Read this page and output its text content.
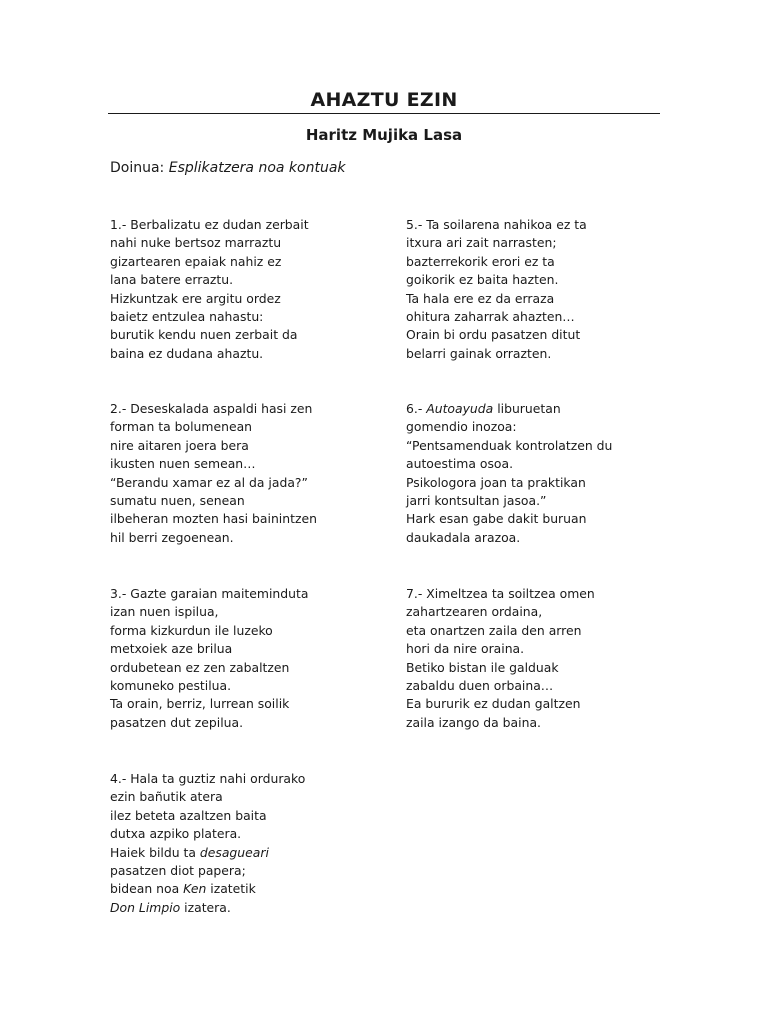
AHAZTU EZIN
Haritz Mujika Lasa

Doinua: Esplikatzera noa kontuak

1.- Berbalizatu ez dudan zerbait
nahi nuke bertsoz marraztu
gizartearen epaiak nahiz ez
lana batere erraztu.
Hizkuntzak ere argitu ordez
baietz entzulea nahastu:
burutik kendu nuen zerbait da
baina ez dudana ahaztu.
2.- Deseskalada aspaldi hasi zen
forman ta bolumenean
nire aitaren joera bera
ikusten nuen semean…
“Berandu xamar ez al da jada?”
sumatu nuen, senean
ilbeheran mozten hasi bainintzen
hil berri zegoenean.
3.- Gazte garaian maiteminduta
izan nuen ispilua,
forma kizkurdun ile luzeko
metxoiek aze brilua
ordubetean ez zen zabaltzen
komuneko pestilua.
Ta orain, berriz, lurrean soilik
pasatzen dut zepilua.
4.- Hala ta guztiz nahi ordurako
ezin bañutik atera
ilez beteta azaltzen baita
dutxa azpiko platera.
Haiek bildu ta desagueari
pasatzen diot papera;
bidean noa Ken izatetik
Don Limpio izatera.
5.- Ta soilarena nahikoa ez ta
itxura ari zait narrasten;
bazterrekorik erori ez ta
goikorik ez baita hazten.
Ta hala ere ez da erraza
ohitura zaharrak ahazten…
Orain bi ordu pasatzen ditut
belarri gainak orrazten.
6.- Autoayuda liburuetan
gomendio inozoa:
“Pentsamenduak kontrolatzen du
autoestima osoa.
Psikologora joan ta praktikan
jarri kontsultan jasoa.”
Hark esan gabe dakit buruan
daukadala arazoa.
7.- Ximeltzea ta soiltzea omen
zahartzearen ordaina,
eta onartzen zaila den arren
hori da nire oraina.
Betiko bistan ile galduak
zabaldu duen orbaina…
Ea bururik ez dudan galtzen
zaila izango da baina.
